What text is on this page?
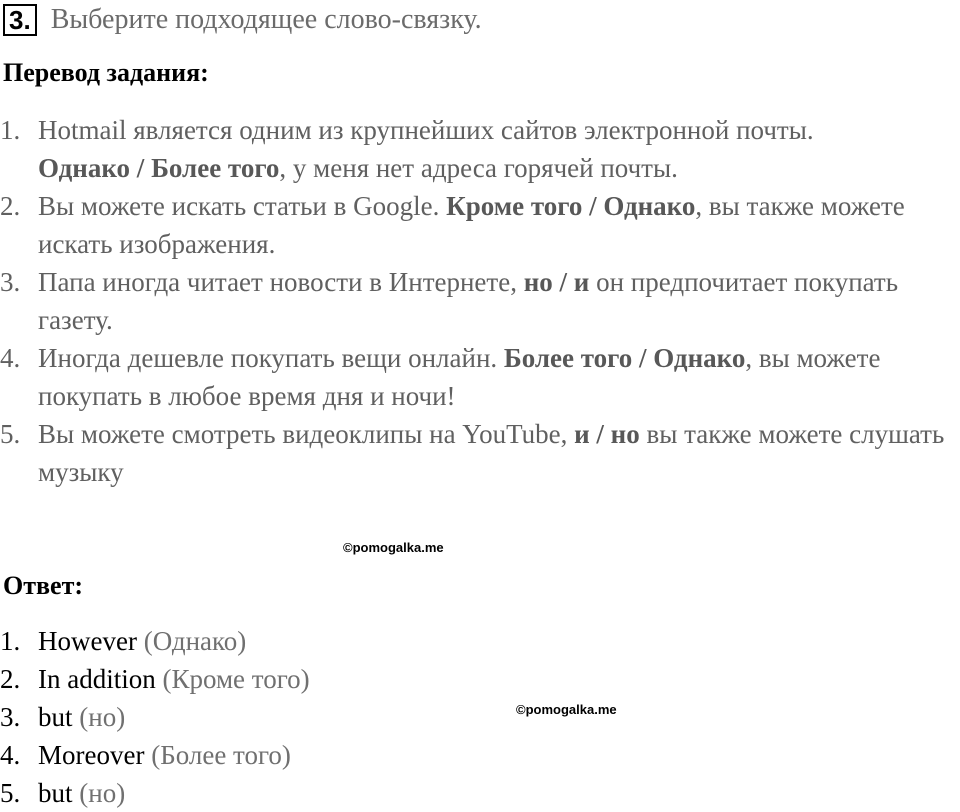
3. Выберите подходящее слово-связку.
Перевод задания:
1. Hotmail является одним из крупнейших сайтов электронной почты.
Однако / Более того, у меня нет адреса горячей почты.
2. Вы можете искать статьи в Google. Кроме того / Однако, вы также можете искать изображения.
3. Папа иногда читает новости в Интернете, но / и он предпочитает покупать газету.
4. Иногда дешевле покупать вещи онлайн. Более того / Однако, вы можете покупать в любое время дня и ночи!
5. Вы можете смотреть видеоклипы на YouTube, и / но вы также можете слушать музыку
©pomogalka.me
Ответ:
1. However (Однако)
2. In addition (Кроме того)
3. but (но)
4. Moreover (Более того)
5. but (но)
©pomogalka.me
